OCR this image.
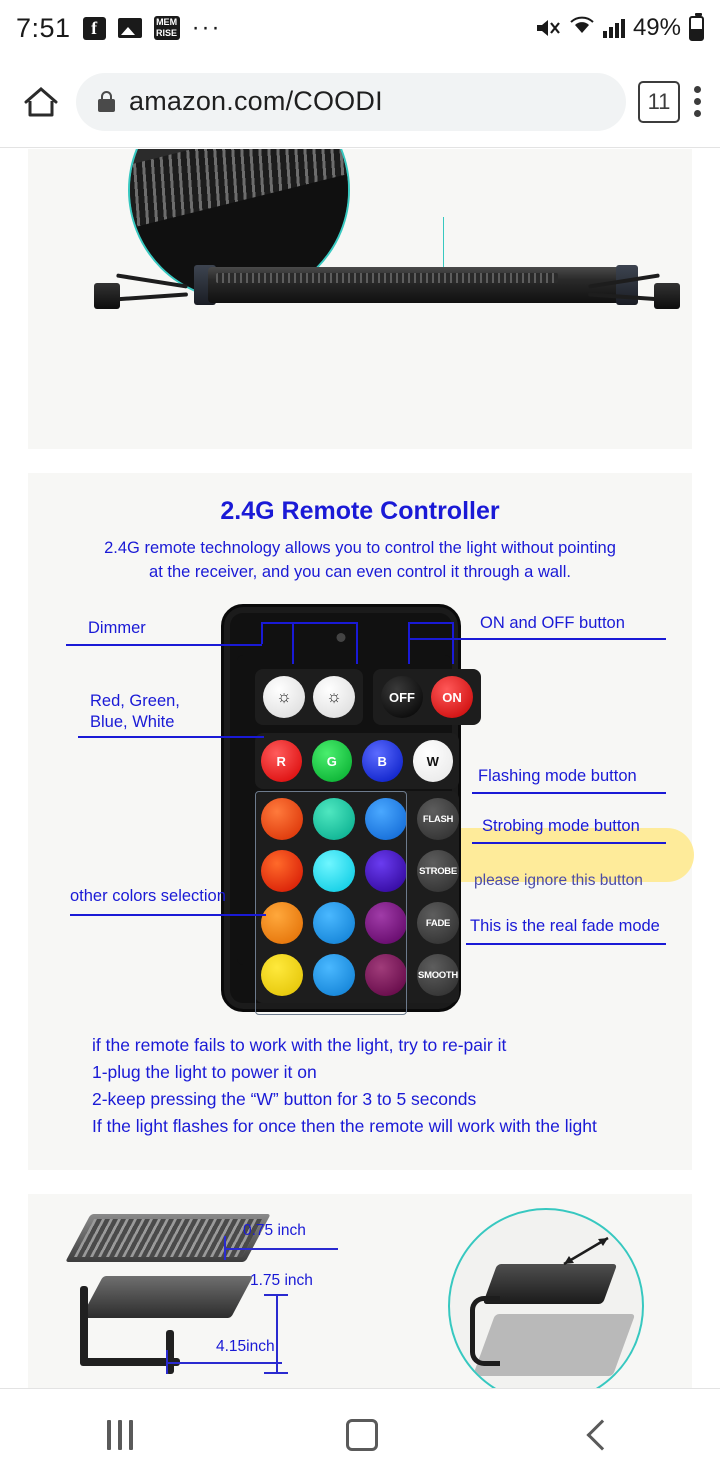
7:51	f	MEM
RISE ···	49%
amazon.com/COODI	11
2.4G Remote Controller
2.4G remote technology allows you to control the light without pointing
at the receiver, and you can even control it through a wall.
☼	☼	OFF	ON
R	G	B	W
FLASH
STROBE
FADE
SMOOTH
Dimmer	ON and OFF button
Red, Green,
Blue, White
Flashing mode button
Strobing mode button
please ignore this button
This is the real fade mode
other colors selection
if the remote fails to work with the light, try to re-pair it
1-plug the light to power it on
2-keep pressing the “W” button for 3 to 5 seconds
If the light flashes for once then the remote will work with the light
0.75 inch
1.75 inch
4.15inch
